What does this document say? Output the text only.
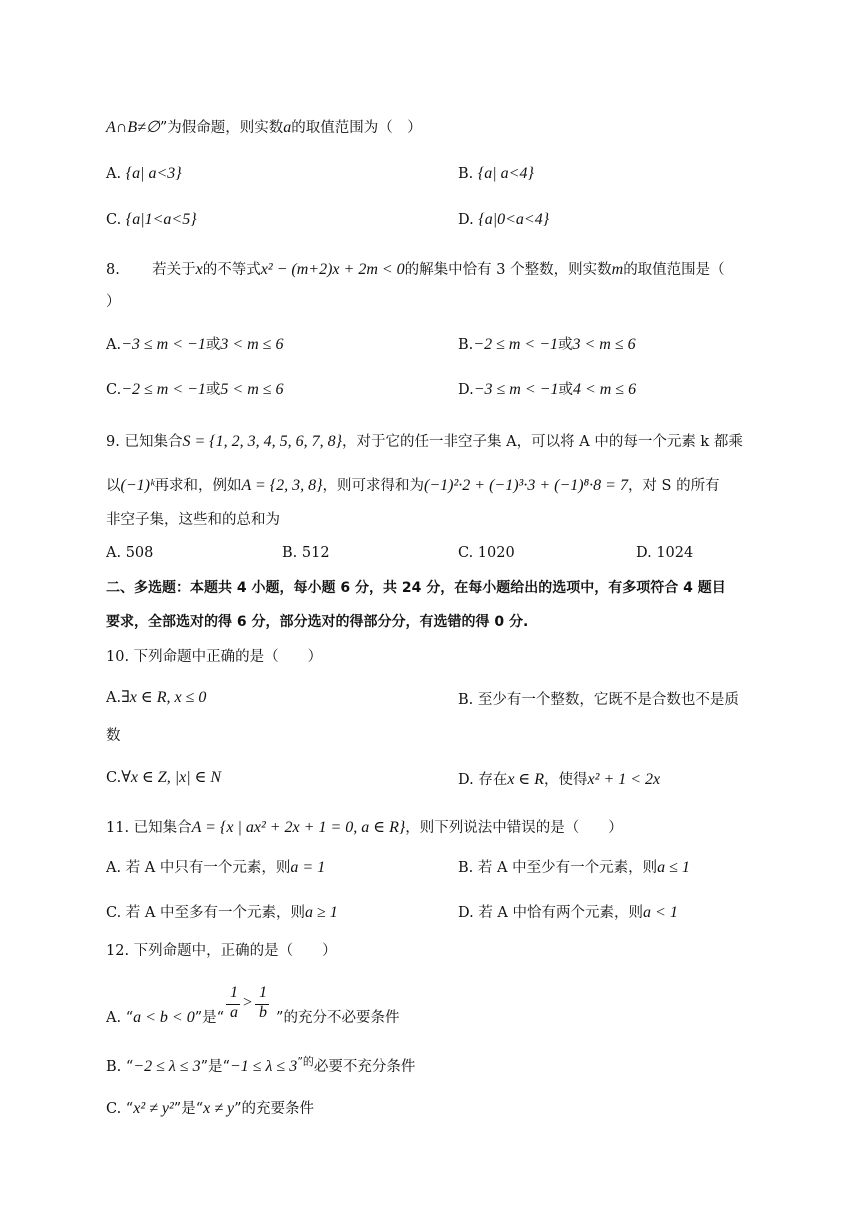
A∩B≠∅”为假命题，则实数a的取值范围为（　）
A. {a| a<3}	B. {a| a<4}
C. {a|1<a<5}	D. {a|0<a<4}
8. 若关于x的不等式x² − (m+2)x + 2m < 0的解集中恰有 3 个整数，则实数m的取值范围是（
）
A.−3 ≤ m < −1或3 < m ≤ 6	B.−2 ≤ m < −1或3 < m ≤ 6
C.−2 ≤ m < −1或5 < m ≤ 6	D.−3 ≤ m < −1或4 < m ≤ 6
9. 已知集合S = {1, 2, 3, 4, 5, 6, 7, 8}，对于它的任一非空子集 A，可以将 A 中的每一个元素 k 都乘
以(−1)ᵏ再求和，例如A = {2, 3, 8}，则可求得和为(−1)²·2 + (−1)³·3 + (−1)⁸·8 = 7，对 S 的所有
非空子集，这些和的总和为
A. 508	B. 512	C. 1020	D. 1024
二、多选题：本题共 4 小题，每小题 6 分，共 24 分，在每小题给出的选项中，有多项符合 4 题目
要求，全部选对的得 6 分，部分选对的得部分分，有选错的得 0 分.
10. 下列命题中正确的是（　　）
A.∃x ∈ R, x ≤ 0	B. 至少有一个整数，它既不是合数也不是质
数
C.∀x ∈ Z, |x| ∈ N	D. 存在x ∈ R，使得x² + 1 < 2x
11. 已知集合A = {x | ax² + 2x + 1 = 0, a ∈ R}，则下列说法中错误的是（　　）
A. 若 A 中只有一个元素，则a = 1	B. 若 A 中至少有一个元素，则a ≤ 1
C. 若 A 中至多有一个元素，则a ≥ 1	D. 若 A 中恰有两个元素，则a < 1
12. 下列命题中，正确的是（　　）
A. “a < b < 0”是“	”的充分不必要条件
1
a
>
1
b
B. “−2 ≤ λ ≤ 3”是“$-1 \le \lambda \le 3^{”的}$必要不充分条件
C. “x² ≠ y²”是“x ≠ y”的充要条件
